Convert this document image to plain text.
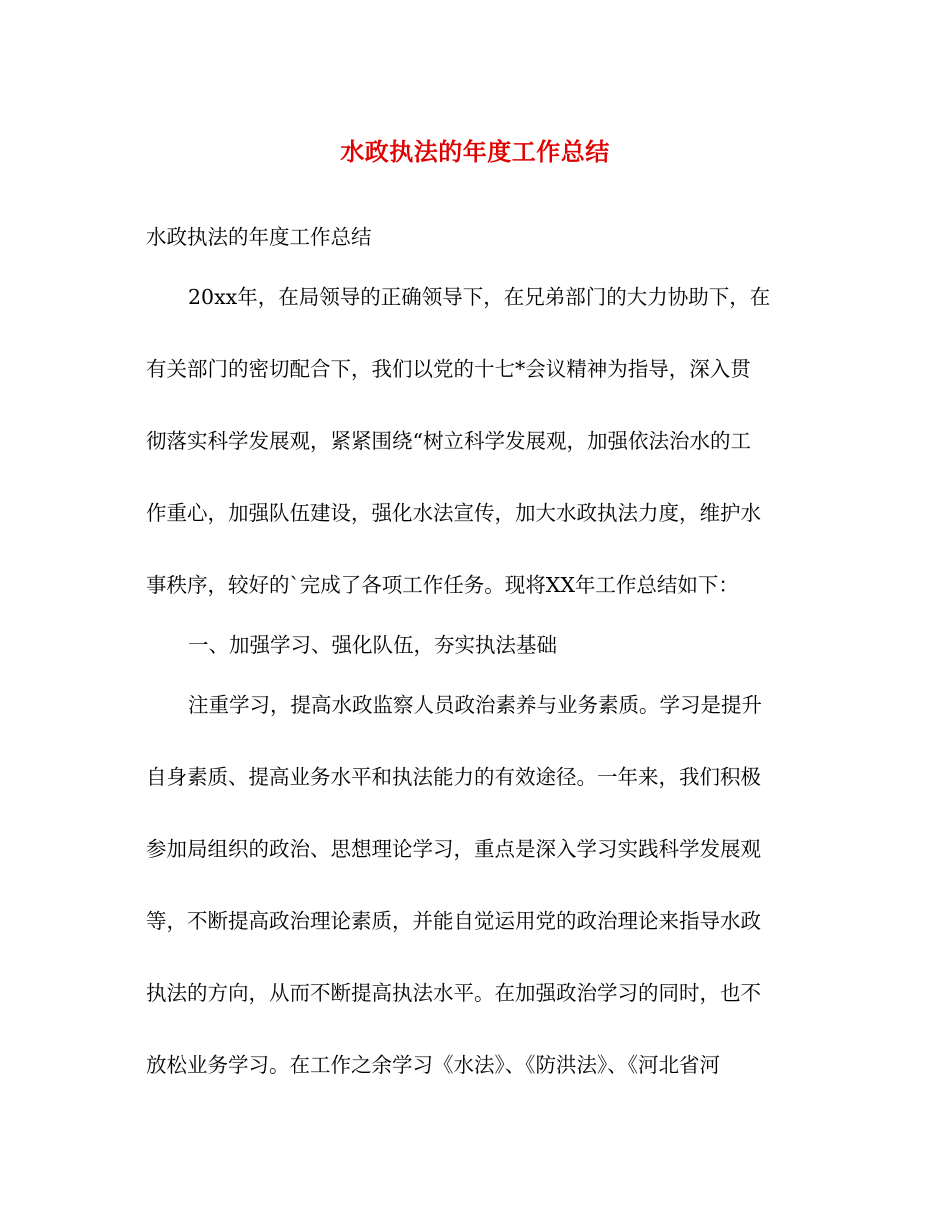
水政执法的年度工作总结
水政执法的年度工作总结
20xx年，在局领导的正确领导下，在兄弟部门的大力协助下，在
有关部门的密切配合下，我们以党的十七*会议精神为指导，深入贯
彻落实科学发展观，紧紧围绕“树立科学发展观，加强依法治水的工
作重心，加强队伍建设，强化水法宣传，加大水政执法力度，维护水
事秩序，较好的`完成了各项工作任务。现将XX年工作总结如下：
一、加强学习、强化队伍，夯实执法基础
注重学习，提高水政监察人员政治素养与业务素质。学习是提升
自身素质、提高业务水平和执法能力的有效途径。一年来，我们积极
参加局组织的政治、思想理论学习，重点是深入学习实践科学发展观
等，不断提高政治理论素质，并能自觉运用党的政治理论来指导水政
执法的方向，从而不断提高执法水平。在加强政治学习的同时，也不
放松业务学习。在工作之余学习《水法》、《防洪法》、《河北省河
